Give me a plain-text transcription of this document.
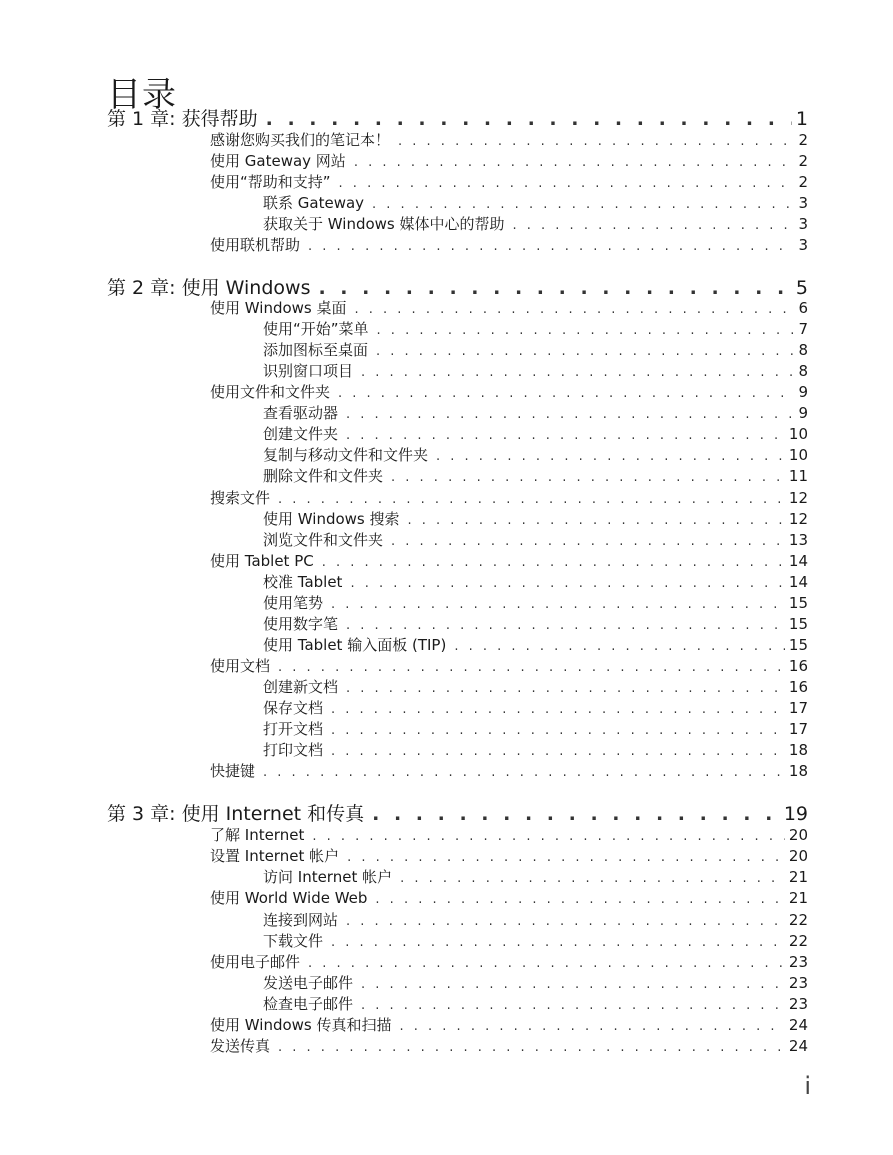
目录
第 1 章: 获得帮助 . . .	1
感谢您购买我们的笔记本！ . . .	2
使用 Gateway 网站 . . .	2
使用“帮助和支持” . . .	2
联系 Gateway . . .	3
获取关于 Windows 媒体中心的帮助 . . .	3
使用联机帮助 . . .	3
第 2 章: 使用 Windows . . .	5
使用 Windows 桌面 . . .	6
使用“开始”菜单 . . .	7
添加图标至桌面 . . .	8
识别窗口项目 . . .	8
使用文件和文件夹 . . .	9
查看驱动器 . . .	9
创建文件夹 . . .	10
复制与移动文件和文件夹 . . .	10
删除文件和文件夹 . . .	11
搜索文件 . . .	12
使用 Windows 搜索 . . .	12
浏览文件和文件夹 . . .	13
使用 Tablet PC . . .	14
校准 Tablet . . .	14
使用笔势 . . .	15
使用数字笔 . . .	15
使用 Tablet 输入面板 (TIP) . . .	15
使用文档 . . .	16
创建新文档 . . .	16
保存文档 . . .	17
打开文档 . . .	17
打印文档 . . .	18
快捷键 . . .	18
第 3 章: 使用 Internet 和传真 . . .	19
了解 Internet . . .	20
设置 Internet 帐户 . . .	20
访问 Internet 帐户 . . .	21
使用 World Wide Web . . .	21
连接到网站 . . .	22
下载文件 . . .	22
使用电子邮件 . . .	23
发送电子邮件 . . .	23
检查电子邮件 . . .	23
使用 Windows 传真和扫描 . . .	24
发送传真 . . .	24
i
